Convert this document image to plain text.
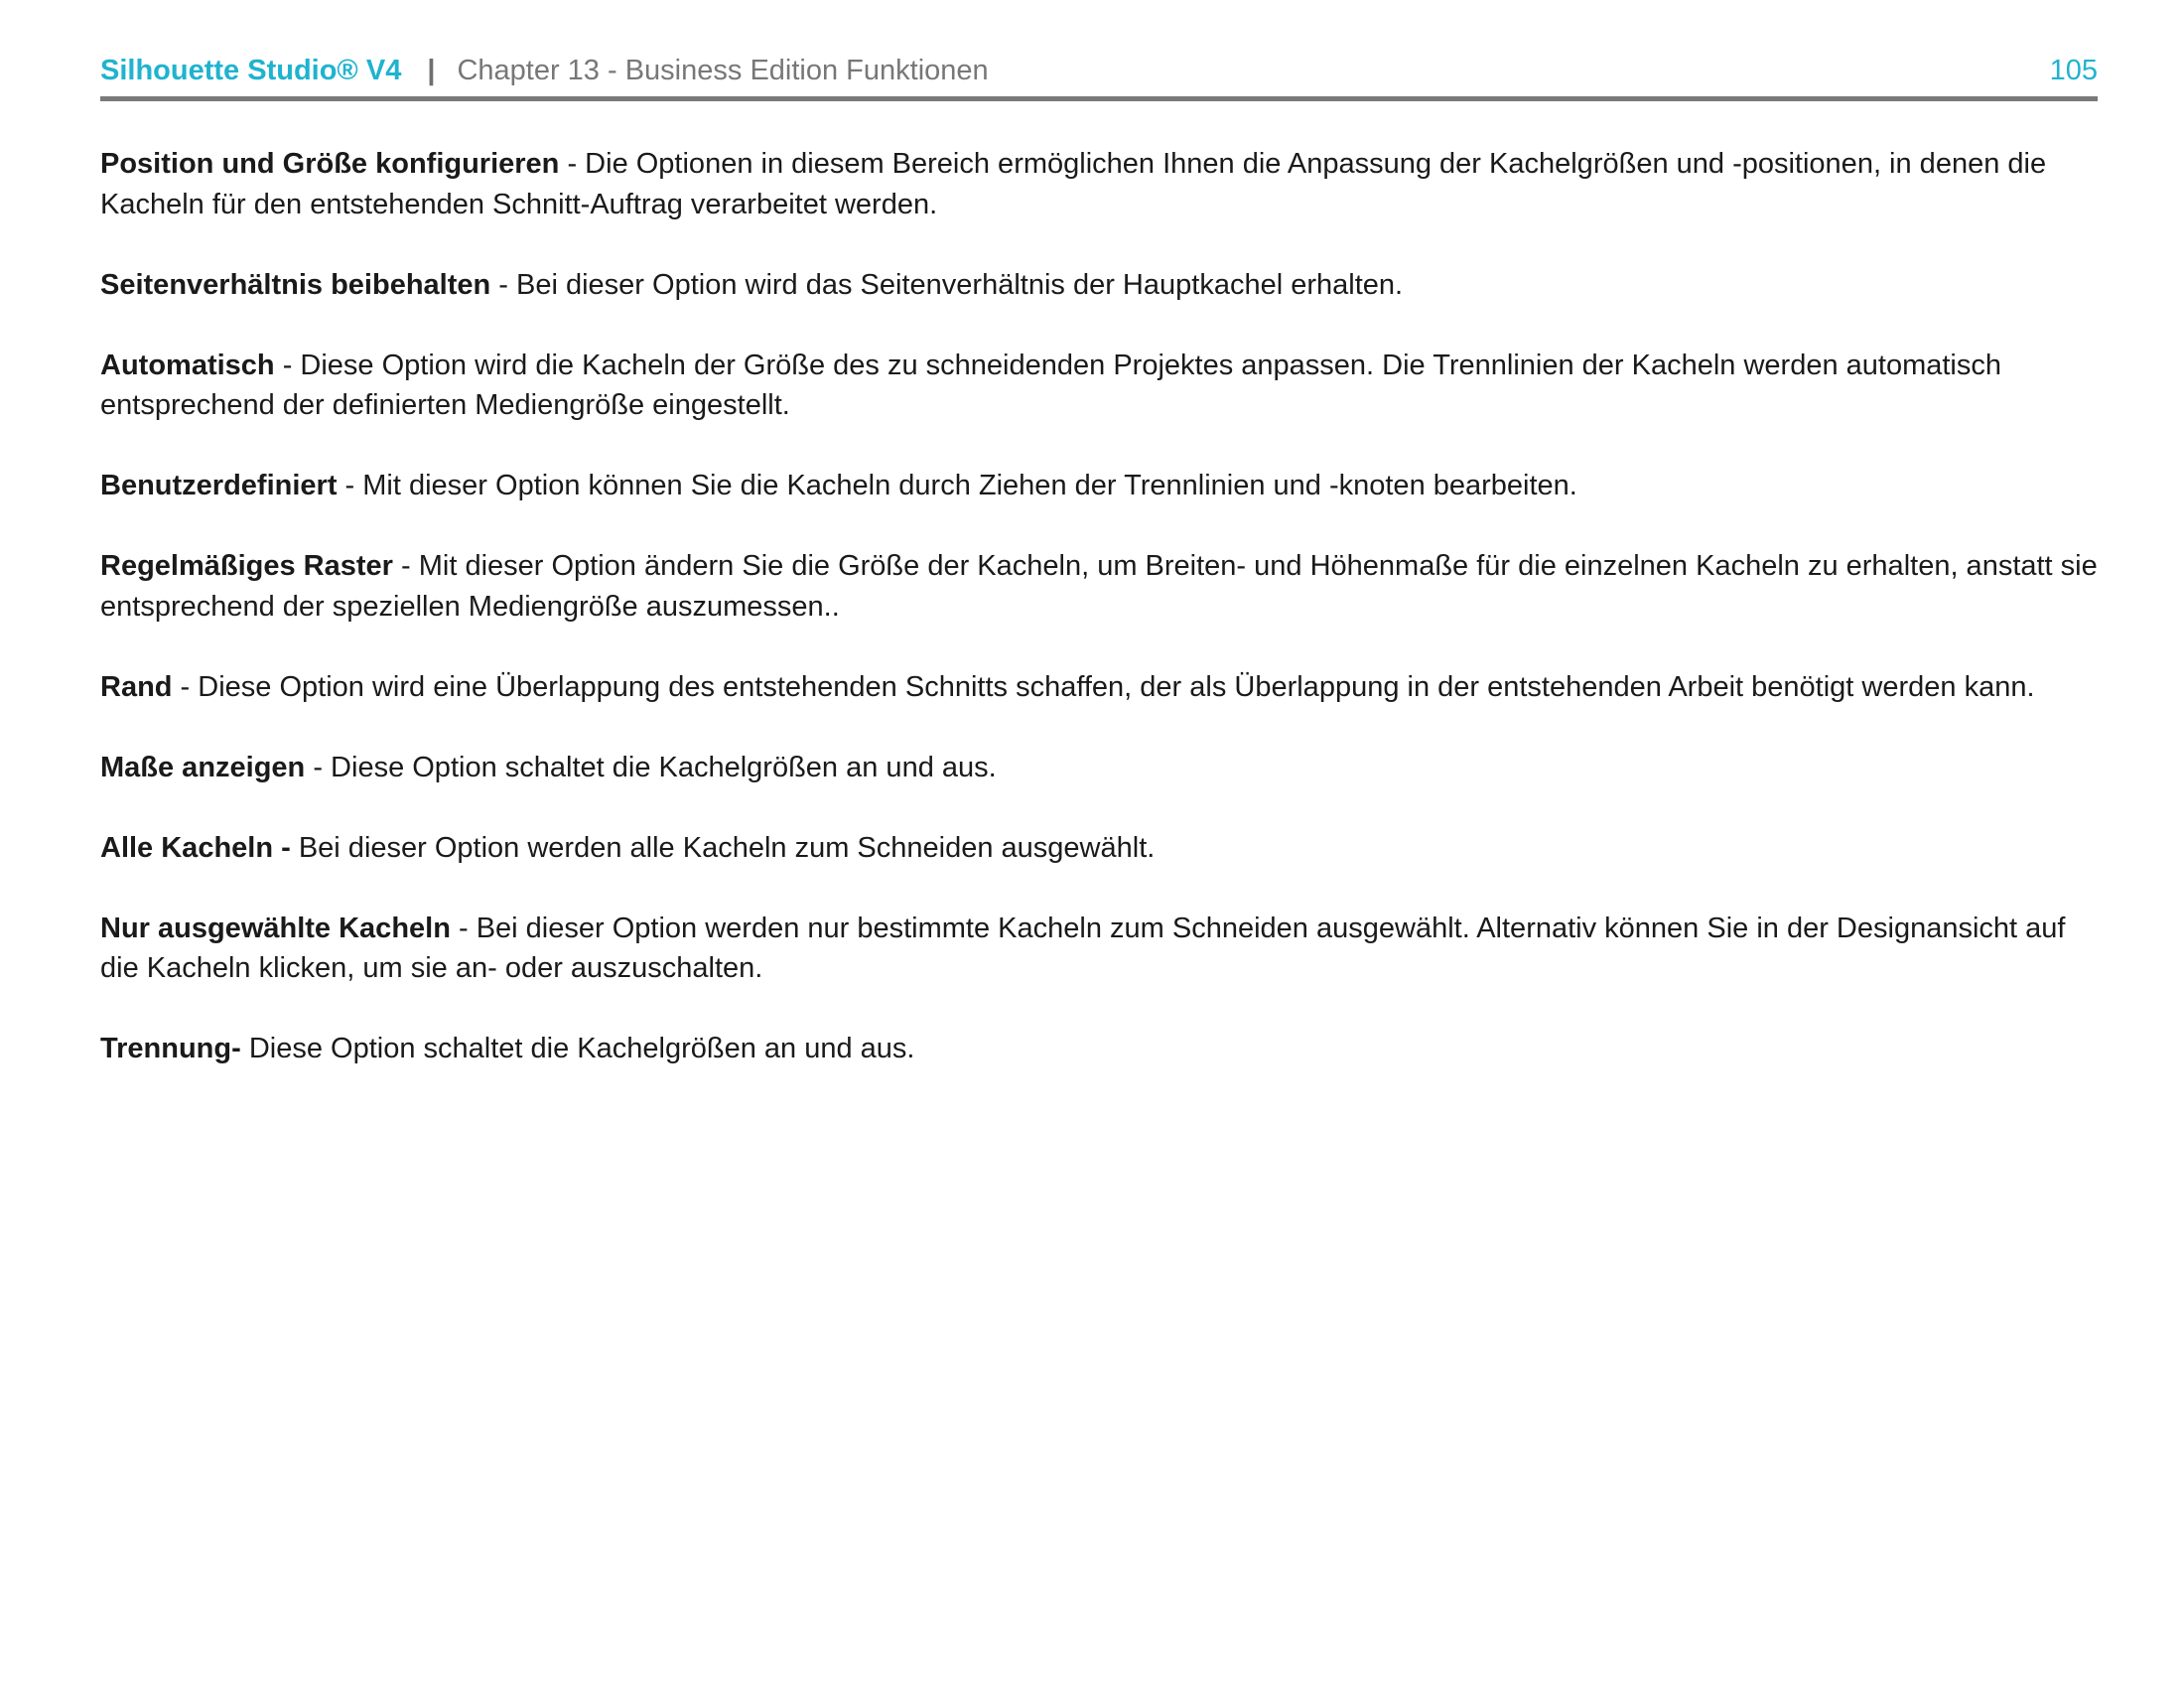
Silhouette Studio® V4 | Chapter 13 - Business Edition Funktionen	105

Position und Größe konfigurieren - Die Optionen in diesem Bereich ermöglichen Ihnen die Anpassung der Kachelgrößen und -positionen, in denen die Kacheln für den entstehenden Schnitt-Auftrag verarbeitet werden.

Seitenverhältnis beibehalten - Bei dieser Option wird das Seitenverhältnis der Hauptkachel erhalten.

Automatisch - Diese Option wird die Kacheln der Größe des zu schneidenden Projektes anpassen. Die Trennlinien der Kacheln werden automatisch entsprechend der definierten Mediengröße eingestellt.

Benutzerdefiniert - Mit dieser Option können Sie die Kacheln durch Ziehen der Trennlinien und -knoten bearbeiten.

Regelmäßiges Raster - Mit dieser Option ändern Sie die Größe der Kacheln, um Breiten- und Höhenmaße für die einzelnen Kacheln zu erhalten, anstatt sie entsprechend der speziellen Mediengröße auszumessen..

Rand - Diese Option wird eine Überlappung des entstehenden Schnitts schaffen, der als Überlappung in der entstehenden Arbeit benötigt werden kann.

Maße anzeigen - Diese Option schaltet die Kachelgrößen an und aus.

Alle Kacheln - Bei dieser Option werden alle Kacheln zum Schneiden ausgewählt.

Nur ausgewählte Kacheln - Bei dieser Option werden nur bestimmte Kacheln zum Schneiden ausgewählt. Alternativ können Sie in der Designansicht auf die Kacheln klicken, um sie an- oder auszuschalten.

Trennung- Diese Option schaltet die Kachelgrößen an und aus.
